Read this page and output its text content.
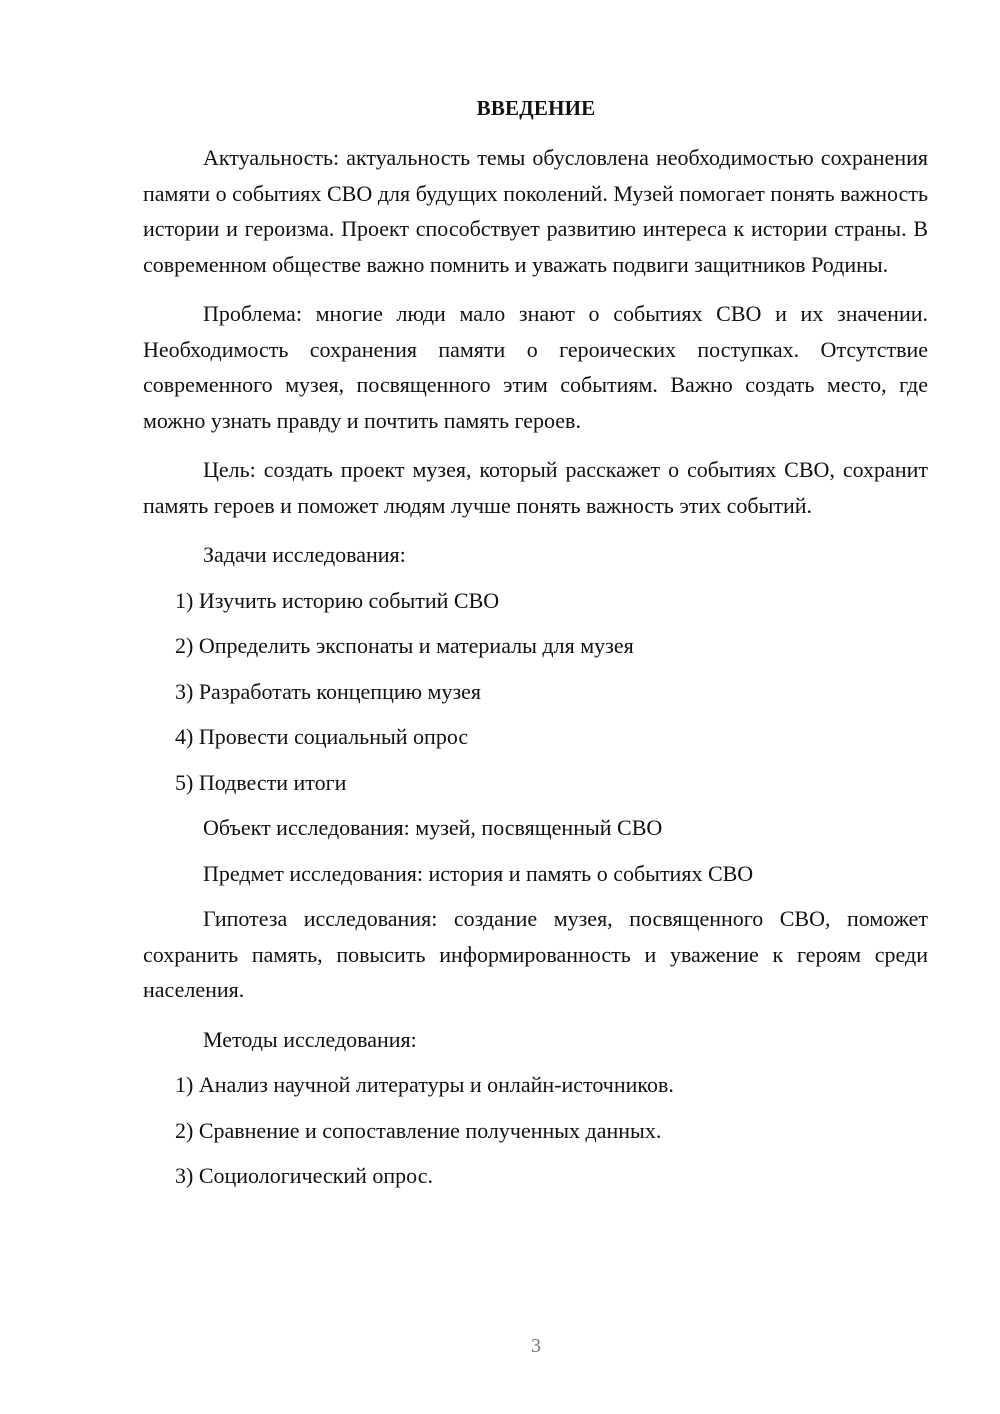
ВВЕДЕНИЕ

Актуальность: актуальность темы обусловлена необходимостью сохранения памяти о событиях СВО для будущих поколений. Музей помогает понять важность истории и героизма. Проект способствует развитию интереса к истории страны. В современном обществе важно помнить и уважать подвиги защитников Родины.

Проблема: многие люди мало знают о событиях СВО и их значении. Необходимость сохранения памяти о героических поступках. Отсутствие современного музея, посвященного этим событиям. Важно создать место, где можно узнать правду и почтить память героев.

Цель: создать проект музея, который расскажет о событиях СВО, сохранит память героев и поможет людям лучше понять важность этих событий.

Задачи исследования:
1) Изучить историю событий СВО
2) Определить экспонаты и материалы для музея
3) Разработать концепцию музея
4) Провести социальный опрос
5) Подвести итоги
Объект исследования: музей, посвященный СВО
Предмет исследования: история и память о событиях СВО

Гипотеза исследования: создание музея, посвященного СВО, поможет сохранить память, повысить информированность и уважение к героям среди населения.

Методы исследования:
1) Анализ научной литературы и онлайн-источников.
2) Сравнение и сопоставление полученных данных.
3) Социологический опрос.
3
